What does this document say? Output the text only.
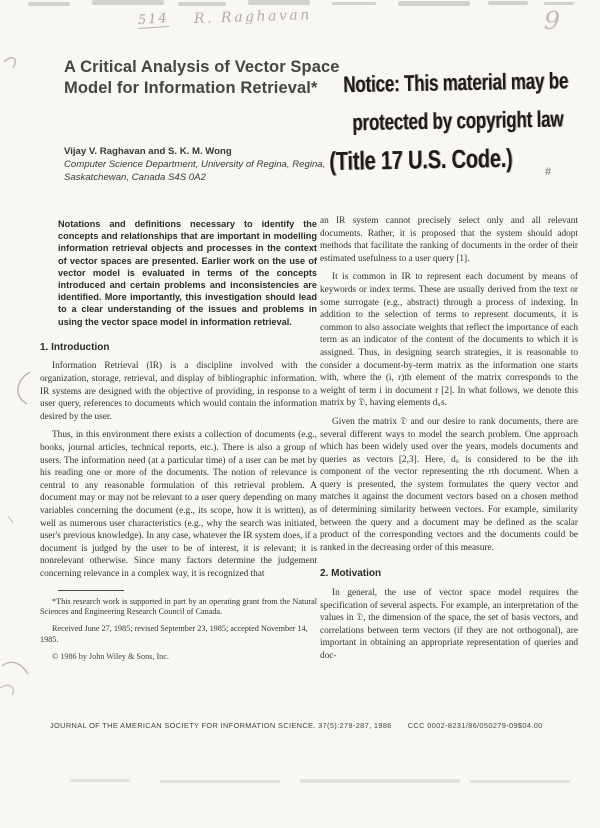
514 R. Raghavan	9
#
A Critical Analysis of Vector Space
Model for Information Retrieval*	Notice: This material may be
protected by copyright law
(Title 17 U.S. Code.)
Vijay V. Raghavan and S. K. M. Wong
Computer Science Department, University of Regina, Regina,
Saskatchewan, Canada S4S 0A2
Notations and definitions necessary to identify the concepts and relationships that are important in modelling information retrieval objects and processes in the context of vector spaces are presented. Earlier work on the use of vector model is evaluated in terms of the concepts introduced and certain problems and inconsistencies are identified. More importantly, this investigation should lead to a clear understanding of the issues and problems in using the vector space model in information retrieval.
1. Introduction

Information Retrieval (IR) is a discipline involved with the organization, storage, retrieval, and display of bibliographic information. IR systems are designed with the objective of providing, in response to a user query, references to documents which would contain the information desired by the user.

Thus, in this environment there exists a collection of documents (e.g., books, journal articles, technical reports, etc.). There is also a group of users. The information need (at a particular time) of a user can be met by his reading one or more of the documents. The notion of relevance is central to any reasonable formulation of this retrieval problem. A document may or may not be relevant to a user query depending on many variables concerning the document (e.g., its scope, how it is written), as well as numerous user characteristics (e.g., why the search was initiated, user's previous knowledge). In any case, whatever the IR system does, if a document is judged by the user to be of interest, it is relevant; it is nonrelevant otherwise. Since many factors determine the judgement concerning relevance in a complex way, it is recognized that

*This research work is supported in part by an operating grant from the Natural Sciences and Engineering Research Council of Canada.

Received June 27, 1985; revised September 23, 1985; accepted November 14, 1985.

© 1986 by John Wiley & Sons, Inc.

an IR system cannot precisely select only and all relevant documents. Rather, it is proposed that the system should adopt methods that facilitate the ranking of documents in the order of their estimated usefulness to a user query [1].

It is common in IR to represent each document by means of keywords or index terms. These are usually derived from the text or some surrogate (e.g., abstract) through a process of indexing. In addition to the selection of terms to represent documents, it is common to also associate weights that reflect the importance of each term as an indicator of the content of the documents to which it is assigned. Thus, in designing search strategies, it is reasonable to consider a document-by-term matrix as the information one starts with, where the (i, r)th element of the matrix corresponds to the weight of term i in document r [2]. In what follows, we denote this matrix by 𝔇, having elements dᵢᵣs.

Given the matrix 𝔇 and our desire to rank documents, there are several different ways to model the search problem. One approach which has been widely used over the years, models documents and queries as vectors [2,3]. Here, dᵢᵣ is considered to be the ith component of the vector representing the rth document. When a query is presented, the system formulates the query vector and matches it against the document vectors based on a chosen method of determining similarity between vectors. For example, similarity between the query and a document may be defined as the scalar product of the corresponding vectors and the documents could be ranked in the decreasing order of this measure.

2. Motivation

In general, the use of vector space model requires the specification of several aspects. For example, an interpretation of the values in 𝔇, the dimension of the space, the set of basis vectors, and correlations between term vectors (if they are not orthogonal), are important in obtaining an appropriate representation of queries and doc-

JOURNAL OF THE AMERICAN SOCIETY FOR INFORMATION SCIENCE. 37(5):279-287, 1986 CCC 0002-8231/86/050279-09$04.00
